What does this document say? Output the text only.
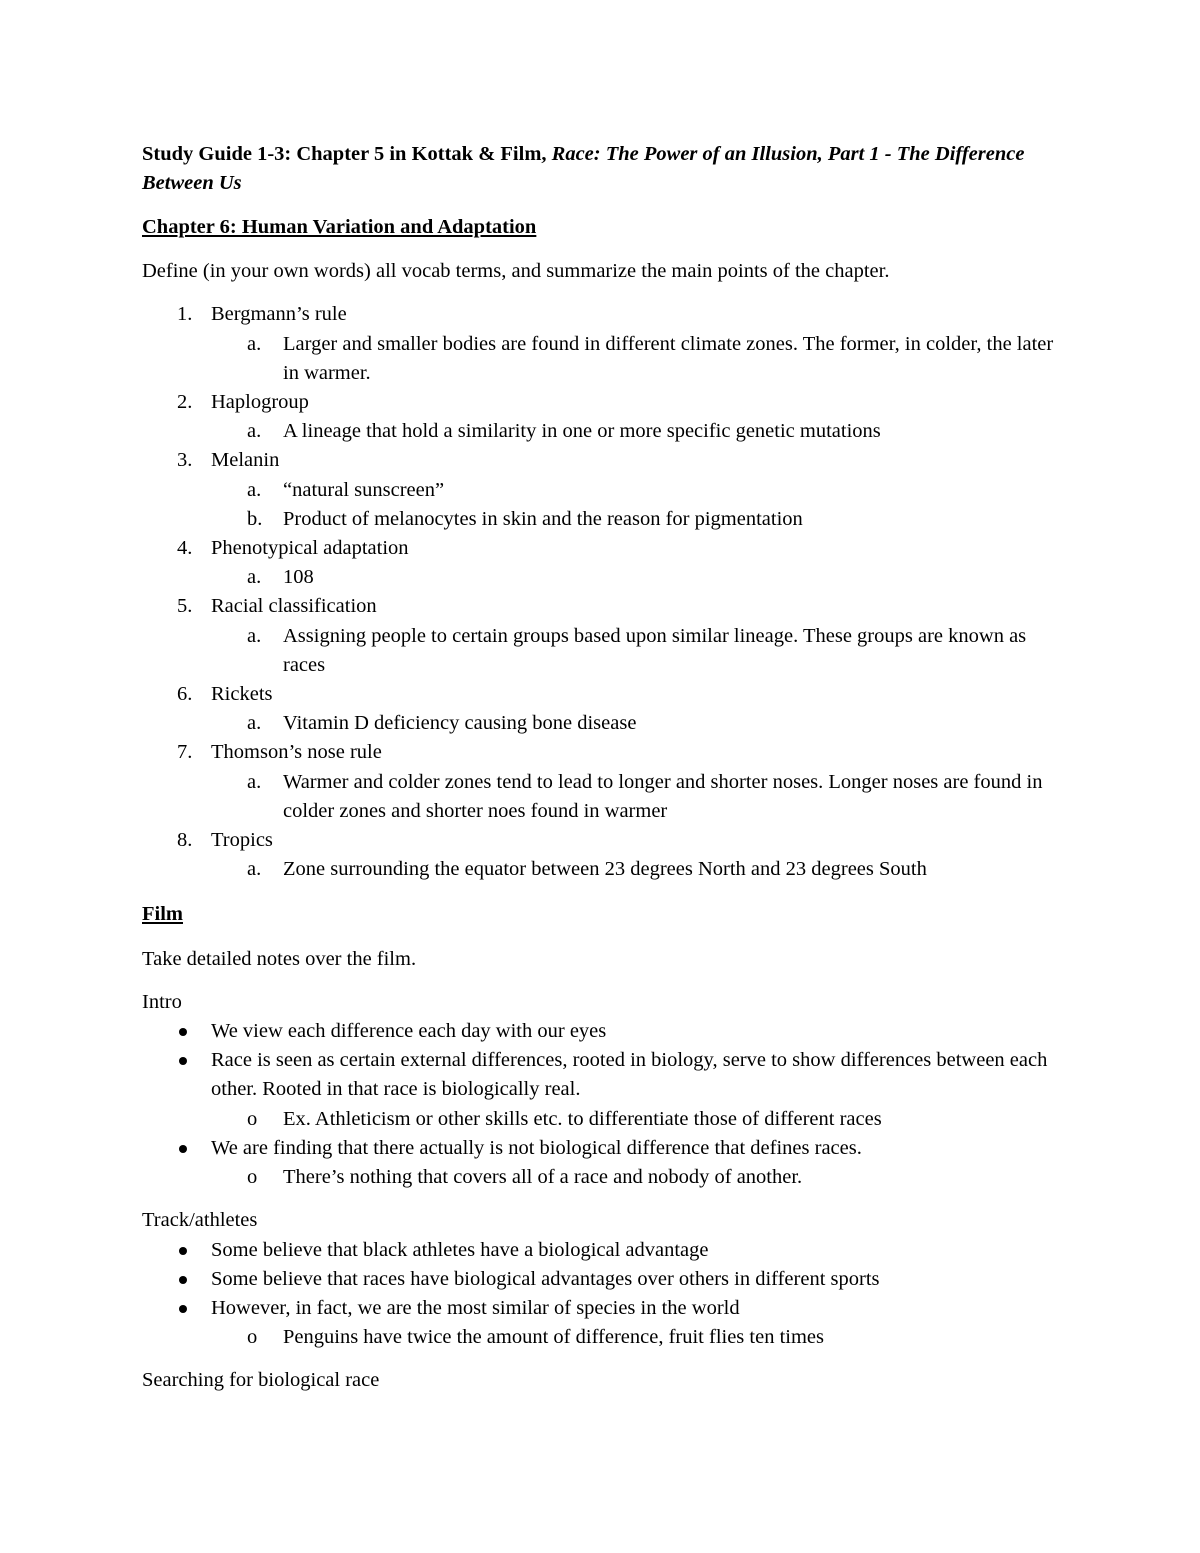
Study Guide 1-3: Chapter 5 in Kottak & Film, Race: The Power of an Illusion, Part 1 - The Difference Between Us

Chapter 6: Human Variation and Adaptation

Define (in your own words) all vocab terms, and summarize the main points of the chapter.

1. Bergmann’s rule
a. Larger and smaller bodies are found in different climate zones. The former, in colder, the later in warmer.
2. Haplogroup
a. A lineage that hold a similarity in one or more specific genetic mutations
3. Melanin
a. “natural sunscreen”
b. Product of melanocytes in skin and the reason for pigmentation
4. Phenotypical adaptation
a. 108
5. Racial classification
a. Assigning people to certain groups based upon similar lineage. These groups are known as races
6. Rickets
a. Vitamin D deficiency causing bone disease
7. Thomson’s nose rule
a. Warmer and colder zones tend to lead to longer and shorter noses. Longer noses are found in colder zones and shorter noes found in warmer
8. Tropics
a. Zone surrounding the equator between 23 degrees North and 23 degrees South

Film

Take detailed notes over the film.

Intro

We view each difference each day with our eyes
Race is seen as certain external differences, rooted in biology, serve to show differences between each other. Rooted in that race is biologically real.
o Ex. Athleticism or other skills etc. to differentiate those of different races
We are finding that there actually is not biological difference that defines races.
o There’s nothing that covers all of a race and nobody of another.

Track/athletes

Some believe that black athletes have a biological advantage
Some believe that races have biological advantages over others in different sports
However, in fact, we are the most similar of species in the world
o Penguins have twice the amount of difference, fruit flies ten times

Searching for biological race
